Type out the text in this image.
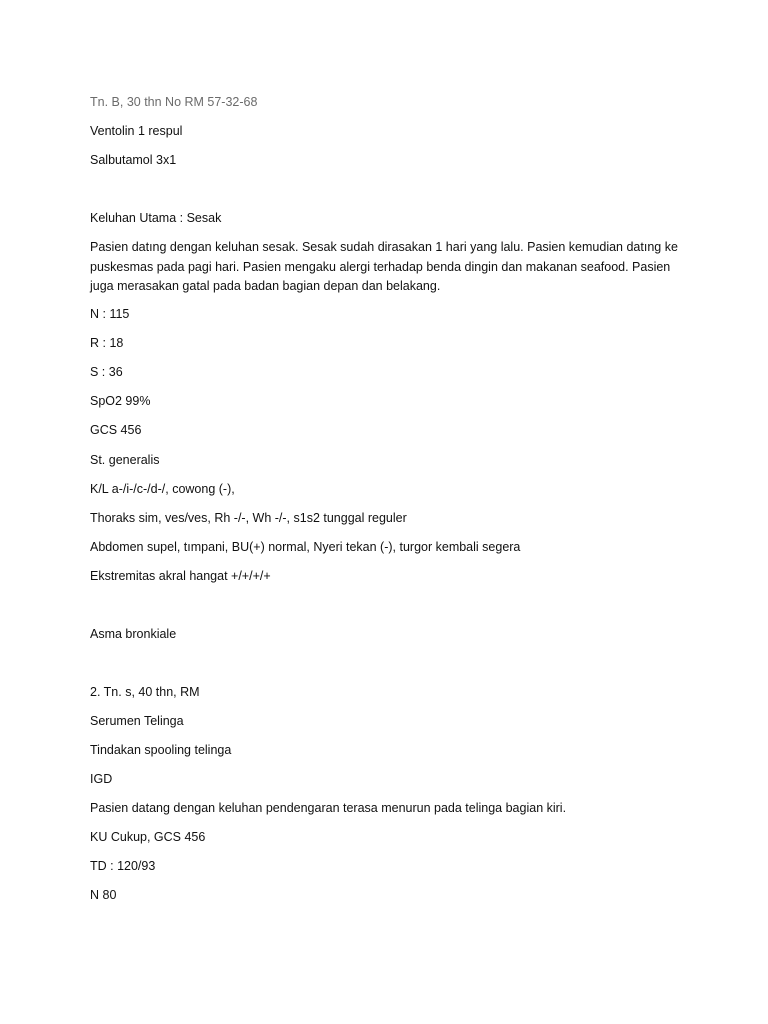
Tn. B, 30 thn No RM 57-32-68
Ventolin 1 respul
Salbutamol 3x1
Keluhan Utama : Sesak
Pasien datıng dengan keluhan sesak. Sesak sudah dirasakan 1 hari yang lalu. Pasien kemudian datıng ke puskesmas pada pagi hari. Pasien mengaku alergi terhadap benda dingin dan makanan seafood. Pasien juga merasakan gatal pada badan bagian depan dan belakang.
N : 115
R : 18
S : 36
SpO2 99%
GCS 456
St. generalis
K/L a-/i-/c-/d-/, cowong (-),
Thoraks sim, ves/ves, Rh -/-, Wh -/-, s1s2 tunggal reguler
Abdomen supel, tımpani, BU(+) normal, Nyeri tekan (-), turgor kembali segera
Ekstremitas akral hangat +/+/+/+
Asma bronkiale
2. Tn. s, 40 thn, RM
Serumen Telinga
Tindakan spooling telinga
IGD
Pasien datang dengan keluhan pendengaran terasa menurun pada telinga bagian kiri.
KU Cukup, GCS 456
TD : 120/93
N 80
